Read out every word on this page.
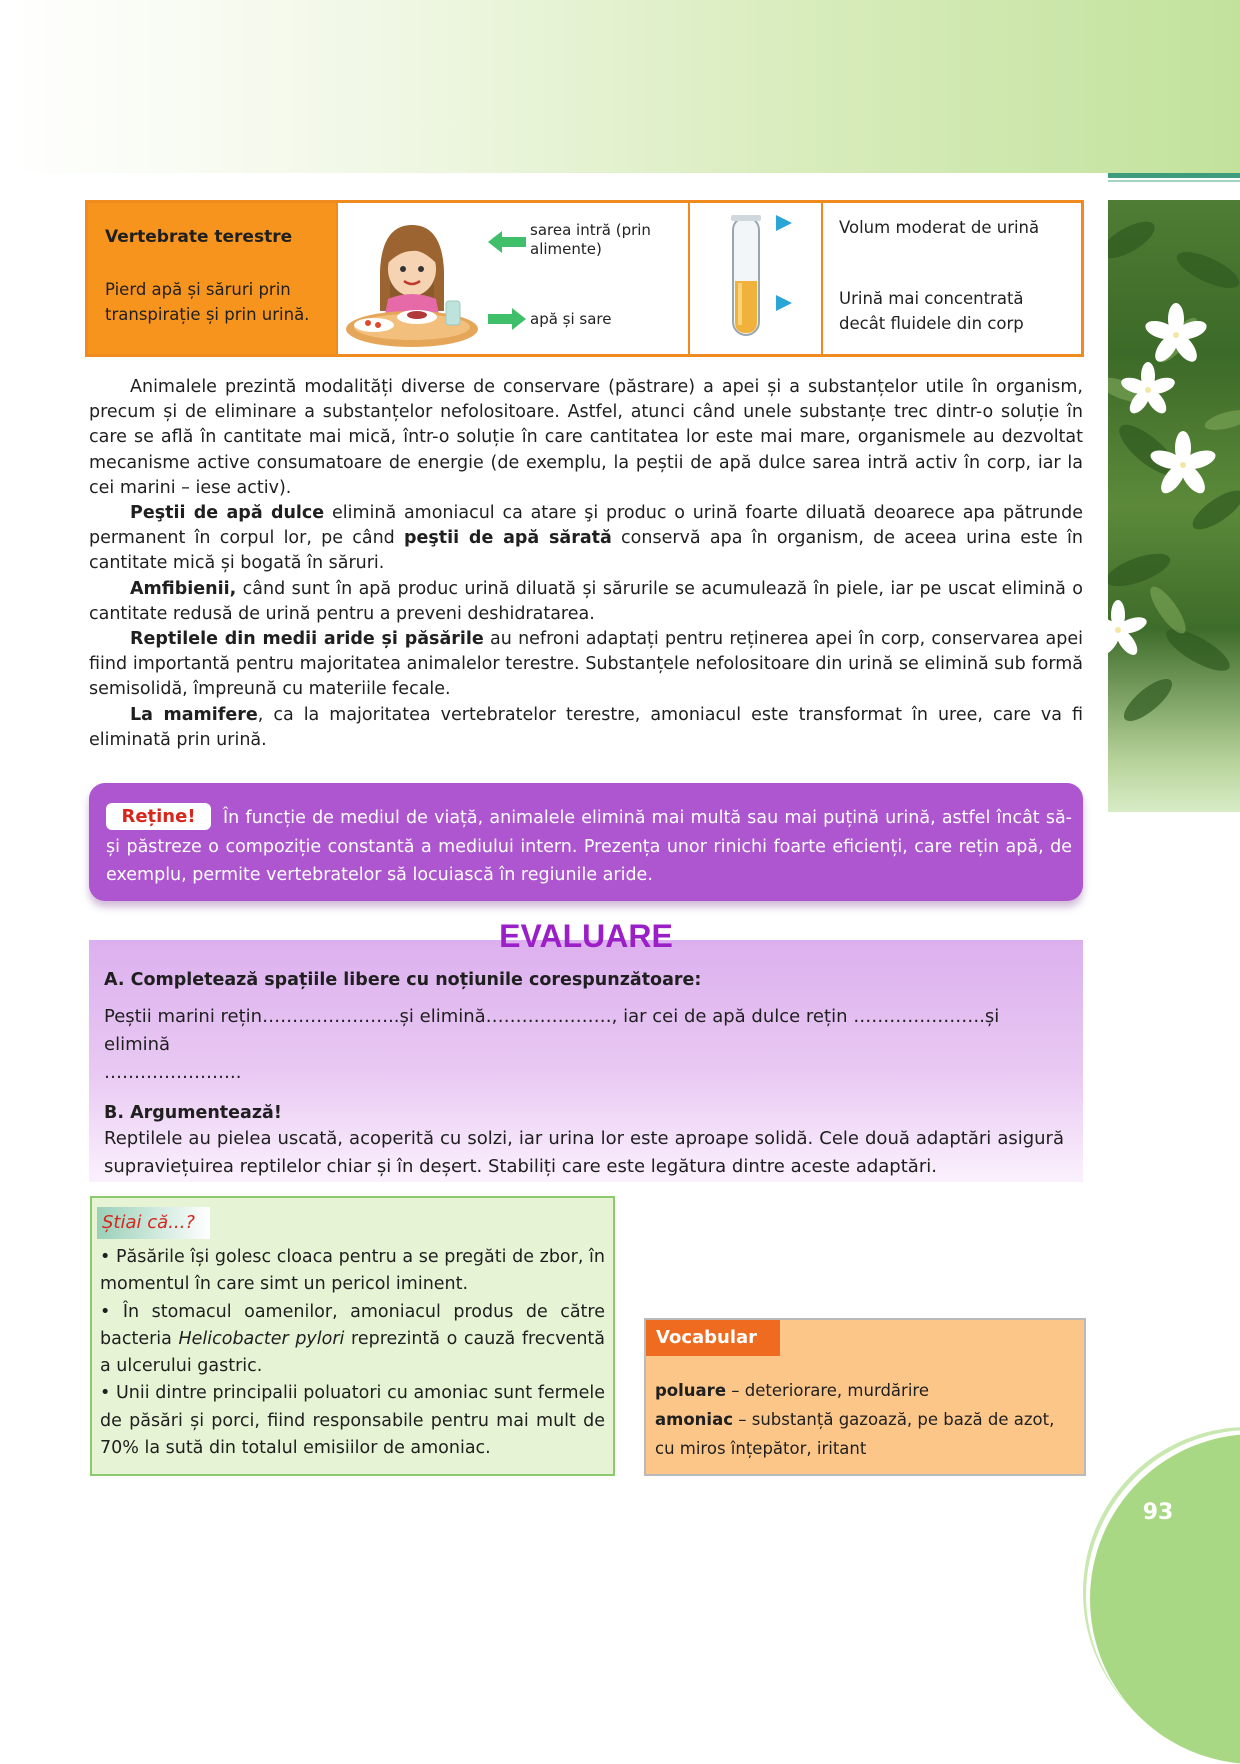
Vertebrate terestre
Pierd apă și săruri prin transpirație și prin urină.
sarea intră (prin alimente)
apă și sare
Volum moderat de urină
Urină mai concentrată decât fluidele din corp

Animalele prezintă modalități diverse de conservare (păstrare) a apei și a substanțelor utile în organism, precum și de eliminare a substanțelor nefolositoare. Astfel, atunci când unele substanțe trec dintr-o soluție în care se află în cantitate mai mică, într-o soluție în care cantitatea lor este mai mare, organismele au dezvoltat mecanisme active consumatoare de energie (de exemplu, la peștii de apă dulce sarea intră activ în corp, iar la cei marini – iese activ).

Peştii de apă dulce elimină amoniacul ca atare şi produc o urină foarte diluată deoarece apa pătrunde permanent în corpul lor, pe când peştii de apă sărată conservă apa în organism, de aceea urina este în cantitate mică și bogată în săruri.

Amfibienii, când sunt în apă produc urină diluată și sărurile se acumulează în piele, iar pe uscat elimină o cantitate redusă de urină pentru a preveni deshidratarea.

Reptilele din medii aride și păsările au nefroni adaptați pentru reținerea apei în corp, conservarea apei fiind importantă pentru majoritatea animalelor terestre. Substanțele nefolositoare din urină se elimină sub formă semisolidă, împreună cu materiile fecale.

La mamifere, ca la majoritatea vertebratelor terestre, amoniacul este transformat în uree, care va fi eliminată prin urină.

În funcție de mediul de viață, animalele elimină mai multă sau mai puțină urină, astfel încât să-și păstreze o compoziție constantă a mediului intern. Prezența unor rinichi foarte eficienți, care rețin apă, de exemplu, permite vertebratelor să locuiască în regiunile aride.
Reține!
EVALUARE

A. Completează spațiile libere cu noțiunile corespunzătoare:

Peștii marini rețin…………………..și elimină…………………, iar cei de apă dulce rețin ………………….și elimină

…………………..

B. Argumentează!

Reptilele au pielea uscată, acoperită cu solzi, iar urina lor este aproape solidă. Cele două adaptări asigură supraviețuirea reptilelor chiar și în deșert. Stabiliți care este legătura dintre aceste adaptări.

Știai că...?

• Păsările își golesc cloaca pentru a se pregăti de zbor, în momentul în care simt un pericol iminent.

• În stomacul oamenilor, amoniacul produs de către bacteria Helicobacter pylori reprezintă o cauză frecventă a ulcerului gastric.

• Unii dintre principalii poluatori cu amoniac sunt fermele de păsări și porci, fiind responsabile pentru mai mult de 70% la sută din totalul emisiilor de amoniac.

Vocabular

poluare – deteriorare, murdărire

amoniac – substanță gazoază, pe bază de azot, cu miros înțepător, iritant

93
